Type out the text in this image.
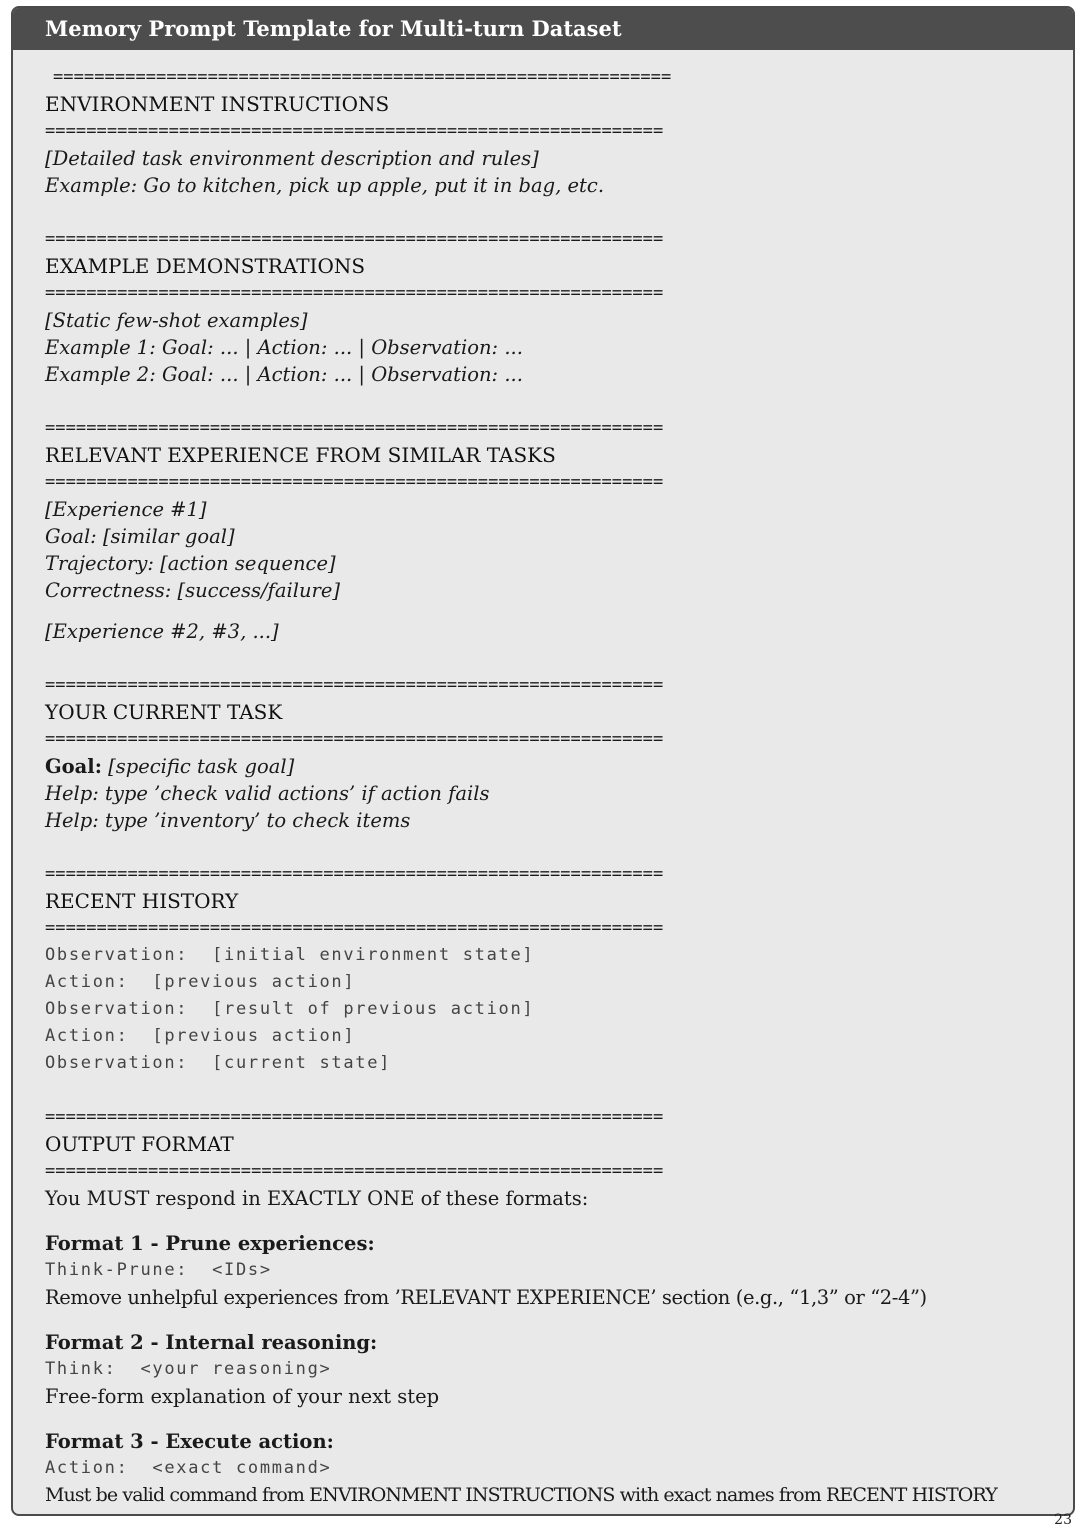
Memory Prompt Template for Multi-turn Dataset
============================================================
ENVIRONMENT INSTRUCTIONS
============================================================
[Detailed task environment description and rules]
Example: Go to kitchen, pick up apple, put it in bag, etc.
============================================================
EXAMPLE DEMONSTRATIONS
============================================================
[Static few-shot examples]
Example 1: Goal: ... | Action: ... | Observation: ...
Example 2: Goal: ... | Action: ... | Observation: ...
============================================================
RELEVANT EXPERIENCE FROM SIMILAR TASKS
============================================================
[Experience #1]
Goal: [similar goal]
Trajectory: [action sequence]
Correctness: [success/failure]
[Experience #2, #3, ...]
============================================================
YOUR CURRENT TASK
============================================================
Goal: [specific task goal]
Help: type ’check valid actions’ if action fails
Help: type ’inventory’ to check items
============================================================
RECENT HISTORY
============================================================
Observation:  [initial environment state]
Action:  [previous action]
Observation:  [result of previous action]
Action:  [previous action]
Observation:  [current state]
============================================================
OUTPUT FORMAT
============================================================
You MUST respond in EXACTLY ONE of these formats:
Format 1 - Prune experiences:
Think-Prune:  <IDs>
Remove unhelpful experiences from ’RELEVANT EXPERIENCE’ section (e.g., “1,3” or “2-4”)
Format 2 - Internal reasoning:
Think:  <your reasoning>
Free-form explanation of your next step
Format 3 - Execute action:
Action:  <exact command>
Must be valid command from ENVIRONMENT INSTRUCTIONS with exact names from RECENT HISTORY
23
